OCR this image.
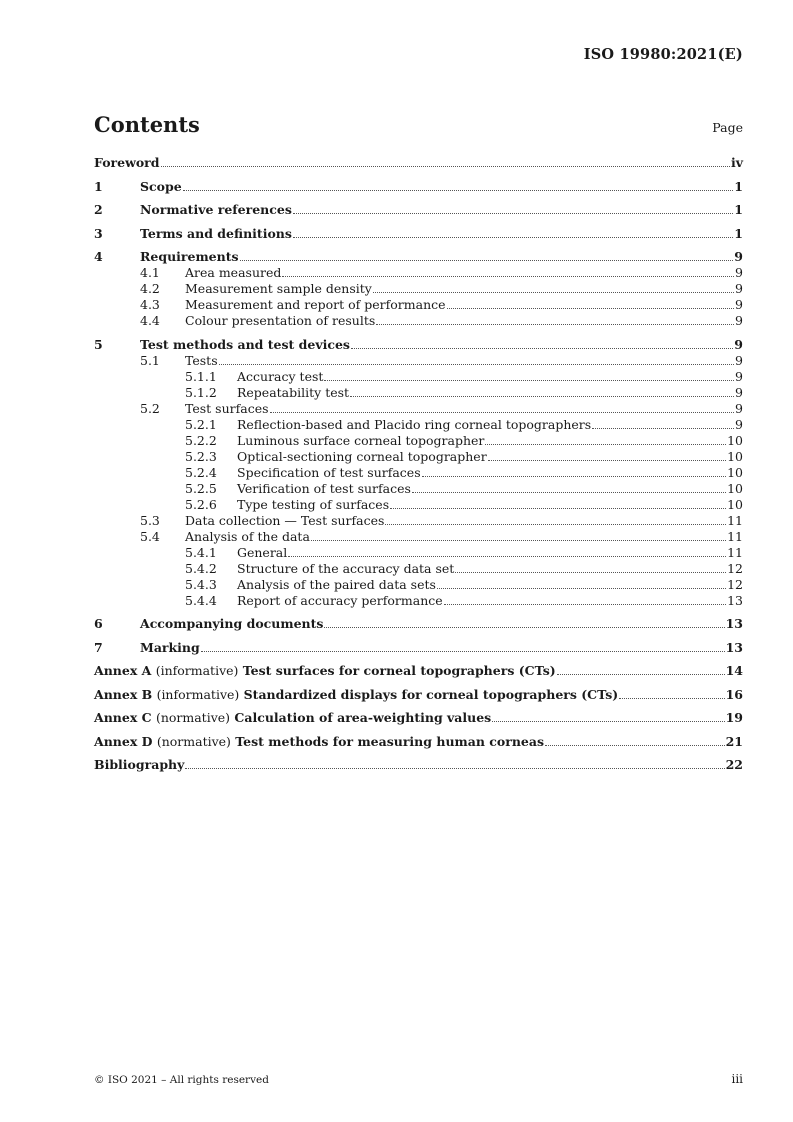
ISO 19980:2021(E)
Contents	Page
Foreword	iv
1	Scope	1
2	Normative references	1
3	Terms and definitions	1
4	Requirements	9
4.1	Area measured	9
4.2	Measurement sample density	9
4.3	Measurement and report of performance	9
4.4	Colour presentation of results	9
5	Test methods and test devices	9
5.1	Tests	9
5.1.1	Accuracy test	9
5.1.2	Repeatability test	9
5.2	Test surfaces	9
5.2.1	Reflection-based and Placido ring corneal topographers	9
5.2.2	Luminous surface corneal topographer	10
5.2.3	Optical-sectioning corneal topographer	10
5.2.4	Specification of test surfaces	10
5.2.5	Verification of test surfaces	10
5.2.6	Type testing of surfaces	10
5.3	Data collection — Test surfaces	11
5.4	Analysis of the data	11
5.4.1	General	11
5.4.2	Structure of the accuracy data set	12
5.4.3	Analysis of the paired data sets	12
5.4.4	Report of accuracy performance	13
6	Accompanying documents	13
7	Marking	13
Annex A (informative) Test surfaces for corneal topographers (CTs)	14
Annex B (informative) Standardized displays for corneal topographers (CTs)	16
Annex C (normative) Calculation of area-weighting values	19
Annex D (normative) Test methods for measuring human corneas	21
Bibliography	22
© ISO 2021 – All rights reserved	iii
